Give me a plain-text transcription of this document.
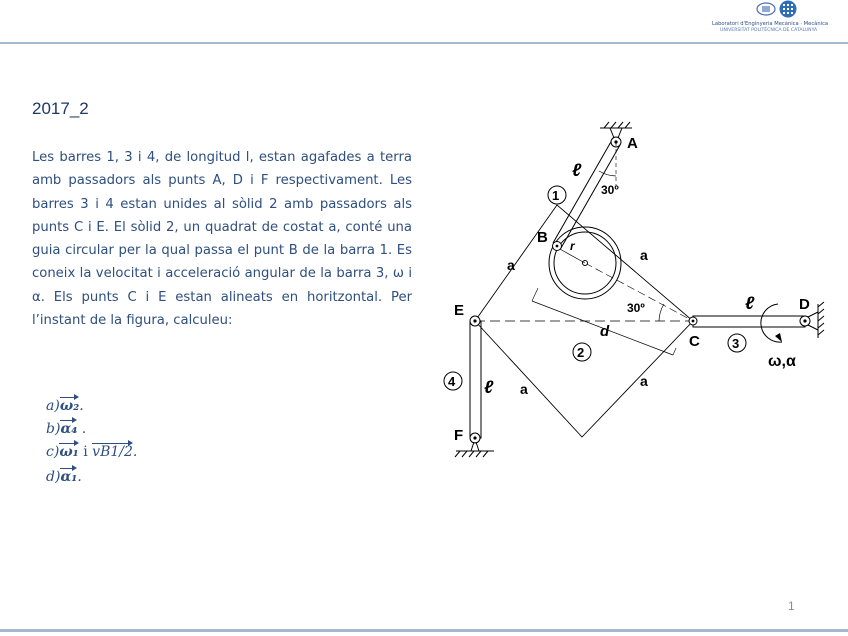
Laboratori d'Enginyeria Mecànica · Mecànica
UNIVERSITAT POLITÈCNICA DE CATALUNYA
2017_2
Les barres 1, 3 i 4, de longitud l, estan agafades a terra amb passadors als punts A, D i F respectivament. Les barres 3 i 4 estan unides al sòlid 2 amb passadors als punts C i E. El sòlid 2, un quadrat de costat a, conté una guia circular per la qual passa el punt B de la barra 1. Es coneix la velocitat i acceleració angular de la barra 3, ω i α. Els punts C i E estan alineats en horitzontal. Per l’instant de la figura, calculeu:
a)ω₂.
b)α₄ .
c)ω₁ i vB1/2.
d)α₁.
A
B
C
D
E
F
1
2
3
4
ℓ
ℓ
ℓ
a
a
a	a
d
r
30º
30º
ω,α
1
